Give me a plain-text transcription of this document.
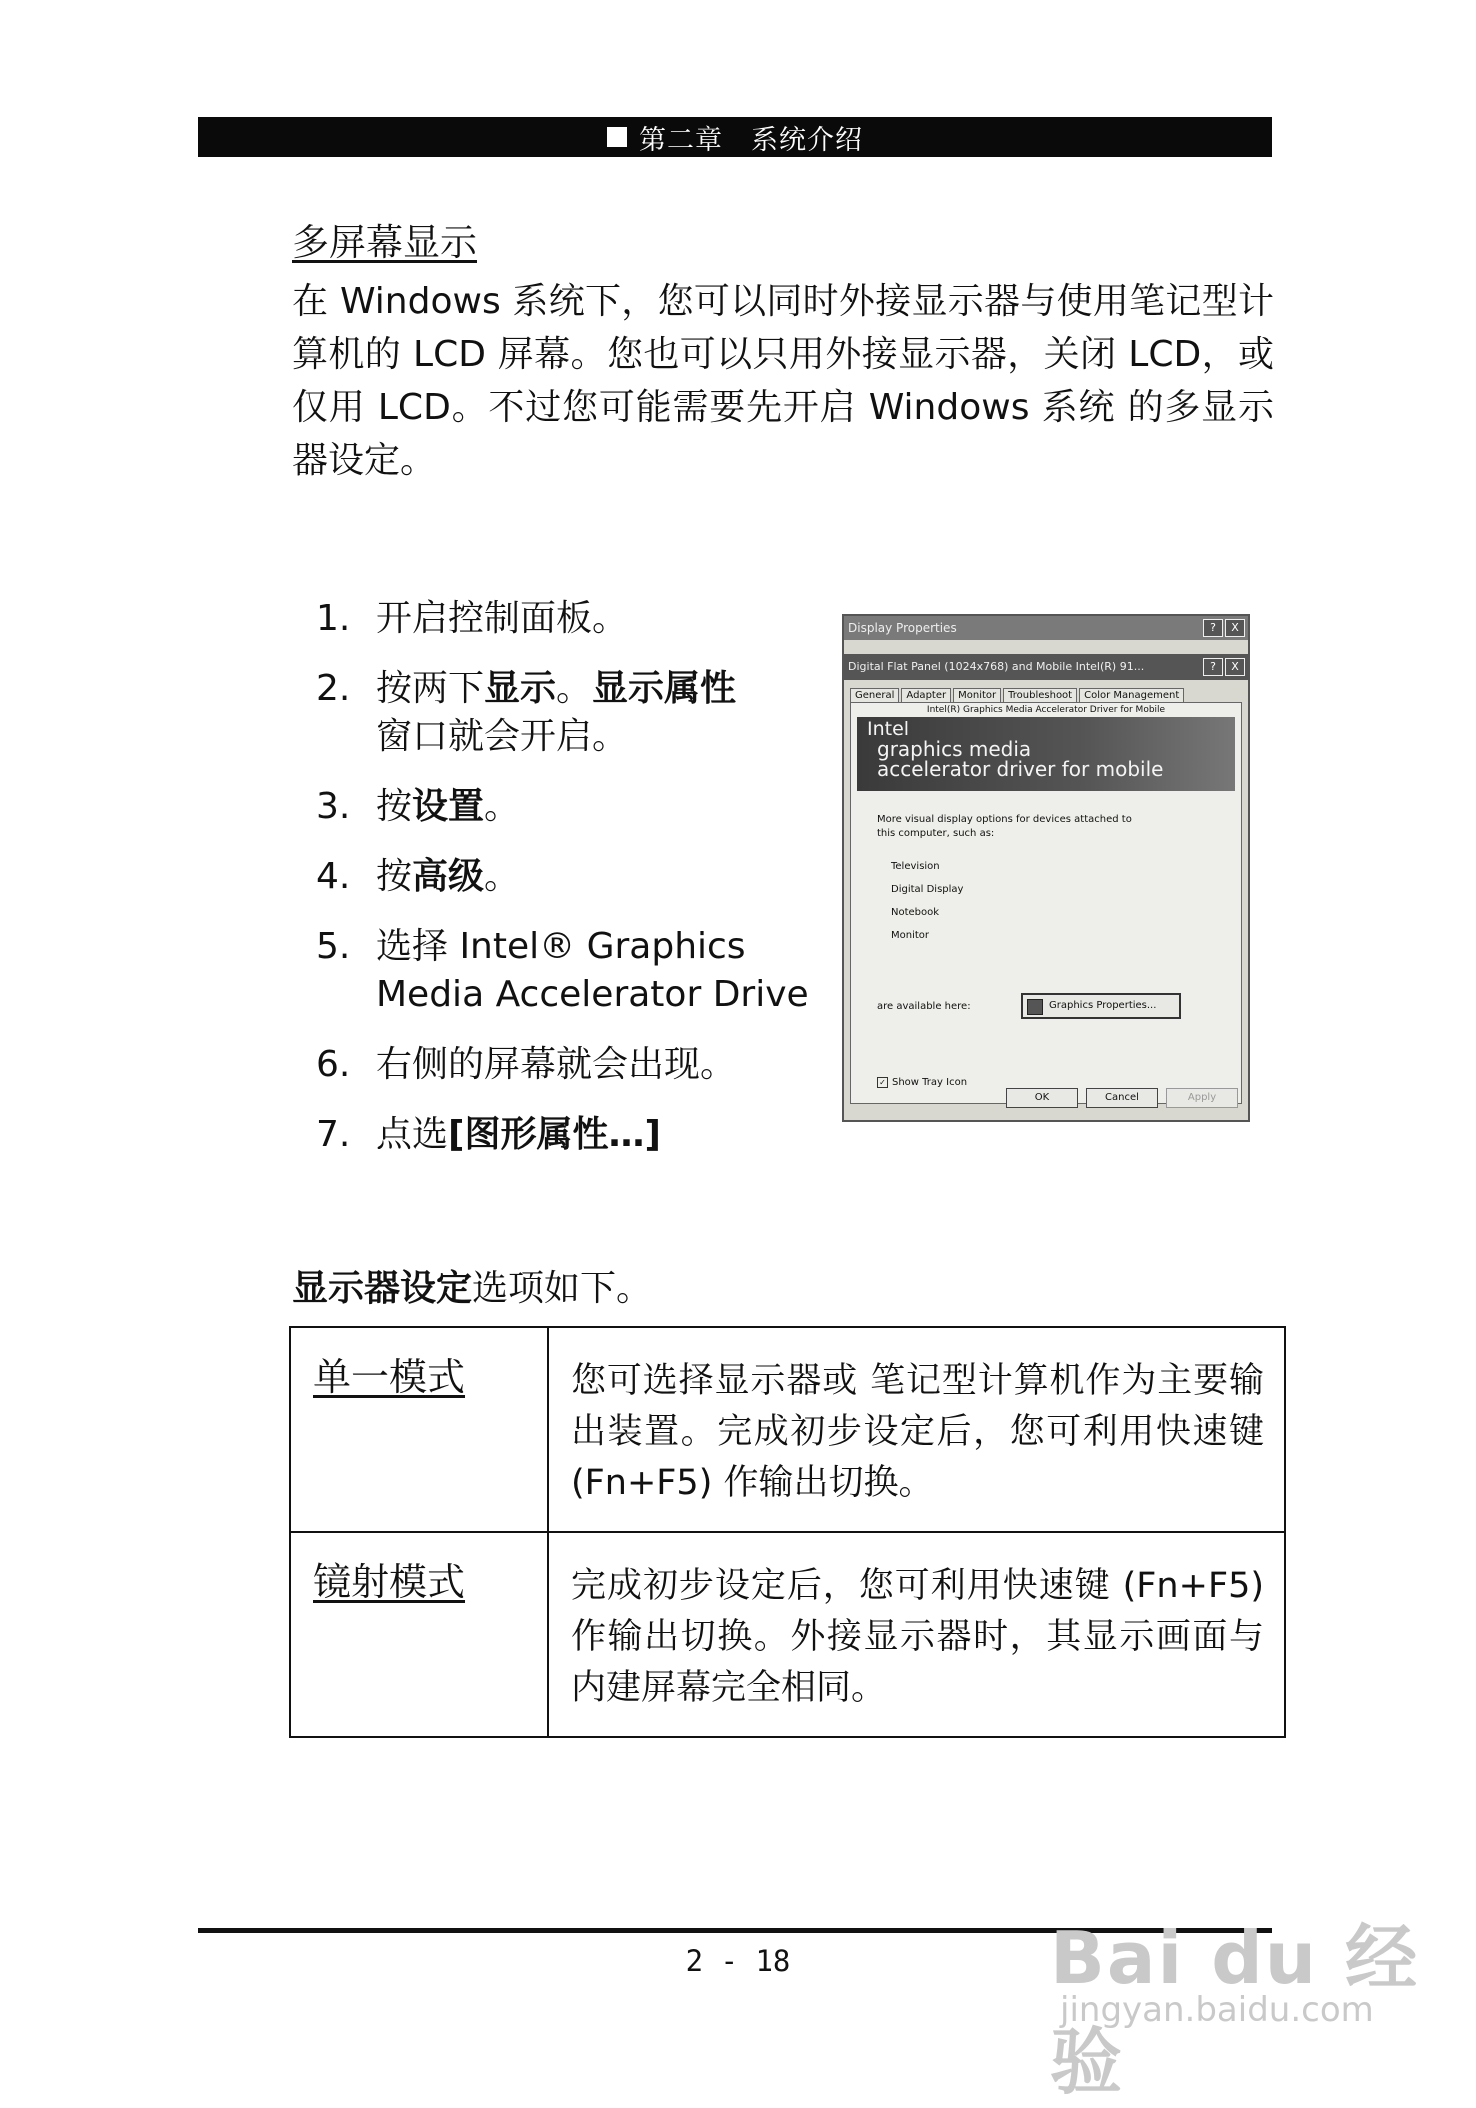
第二章　系统介绍
多屏幕显示
在 Windows 系统下，您可以同时外接显示器与使用笔记型计算机的 LCD 屏幕。您也可以只用外接显示器，关闭 LCD，或仅用 LCD。不过您可能需要先开启 Windows 系统 的多显示器设定。
1. 开启控制面板。
2. 按两下显示。显示属性
窗口就会开启。
3. 按设置。
4. 按高级。
5. 选择 Intel® Graphics Media Accelerator Drive
6. 右侧的屏幕就会出现。
7. 点选[图形属性…]
Display Properties	?	X
Digital Flat Panel (1024x768) and Mobile Intel(R) 91...	?	X
General	Adapter	Monitor	Troubleshoot	Color Management
Intel(R) Graphics Media Accelerator Driver for Mobile
Intel
graphics media
accelerator driver for mobile
More visual display options for devices attached to this computer, such as:
Television
Digital Display
Notebook
Monitor
are available here:	Graphics Properties...
✓ Show Tray Icon
OK	Cancel	Apply
显示器设定选项如下。
单一模式	您可选择显示器或 笔记型计算机作为主要输出装置。完成初步设定后，您可利用快速键 (Fn+F5) 作输出切换。
镜射模式	完成初步设定后，您可利用快速键 (Fn+F5) 作输出切换。外接显示器时，其显示画面与内建屏幕完全相同。
2 - 18	Bai du 经验
jingyan.baidu.com
